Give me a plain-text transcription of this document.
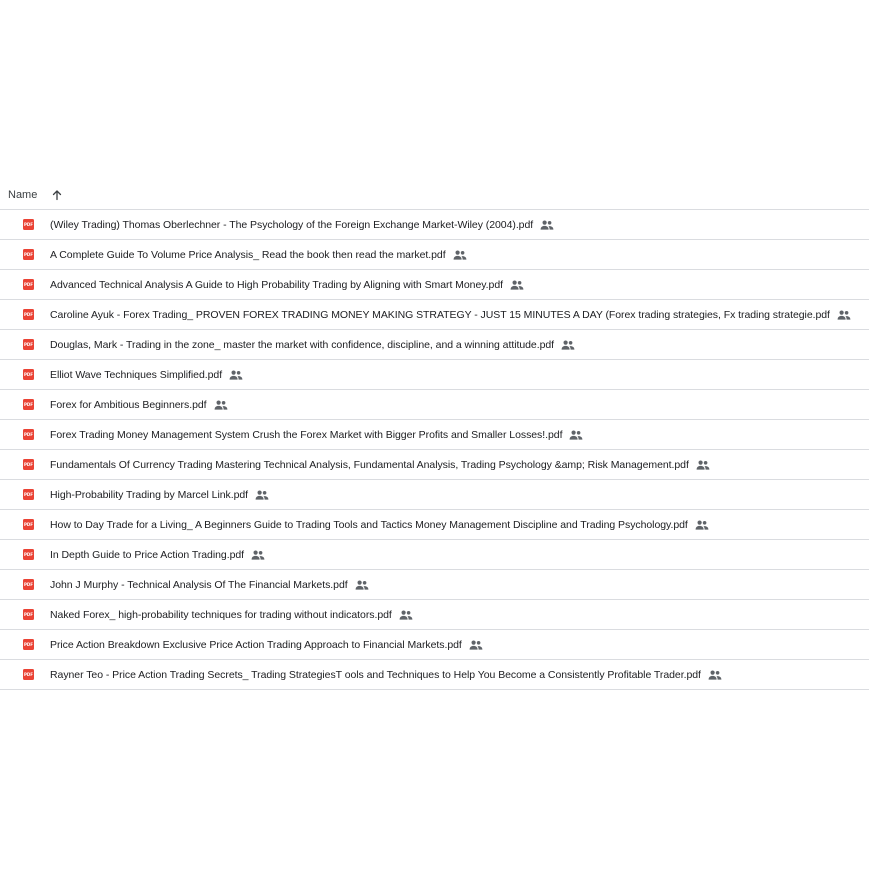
Name
PDF (Wiley Trading) Thomas Oberlechner - The Psychology of the Foreign Exchange Market-Wiley (2004).pdf
PDF A Complete Guide To Volume Price Analysis_ Read the book then read the market.pdf
PDF Advanced Technical Analysis A Guide to High Probability Trading by Aligning with Smart Money.pdf
PDF Caroline Ayuk - Forex Trading_ PROVEN FOREX TRADING MONEY MAKING STRATEGY - JUST 15 MINUTES A DAY (Forex trading strategies, Fx trading strategie.pdf
PDF Douglas, Mark - Trading in the zone_ master the market with confidence, discipline, and a winning attitude.pdf
PDF Elliot Wave Techniques Simplified.pdf
PDF Forex for Ambitious Beginners.pdf
PDF Forex Trading Money Management System Crush the Forex Market with Bigger Profits and Smaller Losses!.pdf
PDF Fundamentals Of Currency Trading Mastering Technical Analysis, Fundamental Analysis, Trading Psychology &amp; Risk Management.pdf
PDF High-Probability Trading by Marcel Link.pdf
PDF How to Day Trade for a Living_ A Beginners Guide to Trading Tools and Tactics Money Management Discipline and Trading Psychology.pdf
PDF In Depth Guide to Price Action Trading.pdf
PDF John J Murphy - Technical Analysis Of The Financial Markets.pdf
PDF Naked Forex_ high-probability techniques for trading without indicators.pdf
PDF Price Action Breakdown Exclusive Price Action Trading Approach to Financial Markets.pdf
PDF Rayner Teo - Price Action Trading Secrets_ Trading StrategiesT ools and Techniques to Help You Become a Consistently Profitable Trader.pdf
